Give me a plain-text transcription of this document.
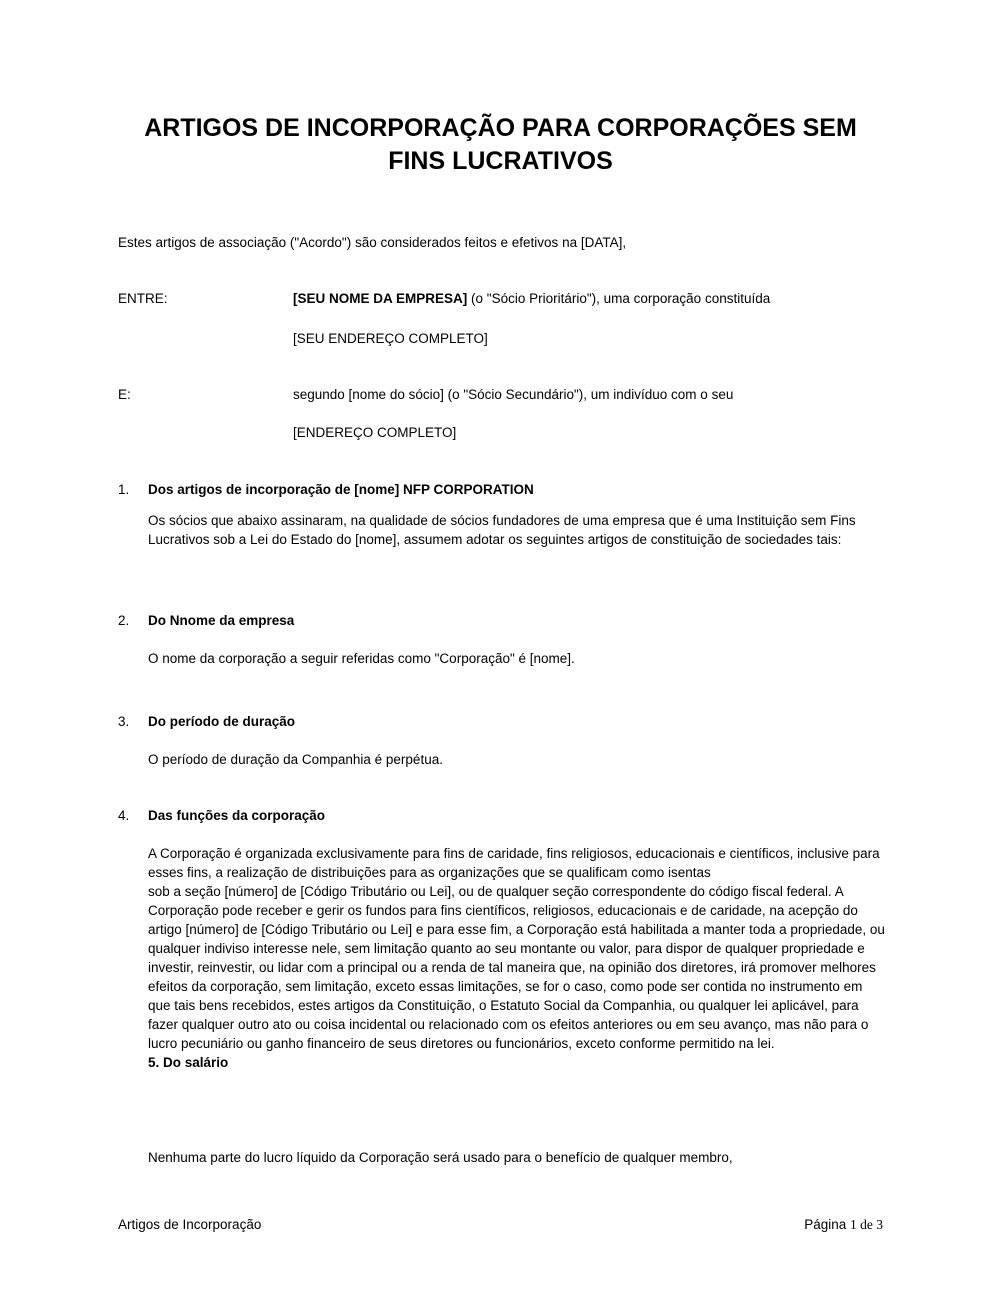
ARTIGOS DE INCORPORAÇÃO PARA CORPORAÇÕES SEM
FINS LUCRATIVOS
Estes artigos de associação ("Acordo") são considerados feitos e efetivos na [DATA],
ENTRE:	[SEU NOME DA EMPRESA] (o "Sócio Prioritário"), uma corporação constituída
[SEU ENDEREÇO COMPLETO]
E:	segundo [nome do sócio] (o "Sócio Secundário"), um indivíduo com o seu
[ENDEREÇO COMPLETO]
1. Dos artigos de incorporação de [nome] NFP CORPORATION
Os sócios que abaixo assinaram, na qualidade de sócios fundadores de uma empresa que é uma Instituição sem Fins Lucrativos sob a Lei do Estado do [nome], assumem adotar os seguintes artigos de constituição de sociedades tais:
2. Do Nnome da empresa
O nome da corporação a seguir referidas como "Corporação" é [nome].
3. Do período de duração
O período de duração da Companhia é perpétua.
4. Das funções da corporação
A Corporação é organizada exclusivamente para fins de caridade, fins religiosos, educacionais e científicos, inclusive para esses fins, a realização de distribuições para as organizações que se qualificam como isentas
sob a seção [número] de [Código Tributário ou Lei], ou de qualquer seção correspondente do código fiscal federal. A Corporação pode receber e gerir os fundos para fins científicos, religiosos, educacionais e de caridade, na acepção do artigo [número] de [Código Tributário ou Lei] e para esse fim, a Corporação está habilitada a manter toda a propriedade, ou qualquer indiviso interesse nele, sem limitação quanto ao seu montante ou valor, para dispor de qualquer propriedade e investir, reinvestir, ou lidar com a principal ou a renda de tal maneira que, na opinião dos diretores, irá promover melhores efeitos da corporação, sem limitação, exceto essas limitações, se for o caso, como pode ser contida no instrumento em que tais bens recebidos, estes artigos da Constituição, o Estatuto Social da Companhia, ou qualquer lei aplicável, para fazer qualquer outro ato ou coisa incidental ou relacionado com os efeitos anteriores ou em seu avanço, mas não para o lucro pecuniário ou ganho financeiro de seus diretores ou funcionários, exceto conforme permitido na lei.
5. Do salário
Nenhuma parte do lucro líquido da Corporação será usado para o benefício de qualquer membro,
Artigos de Incorporação	Página 1 de 3
